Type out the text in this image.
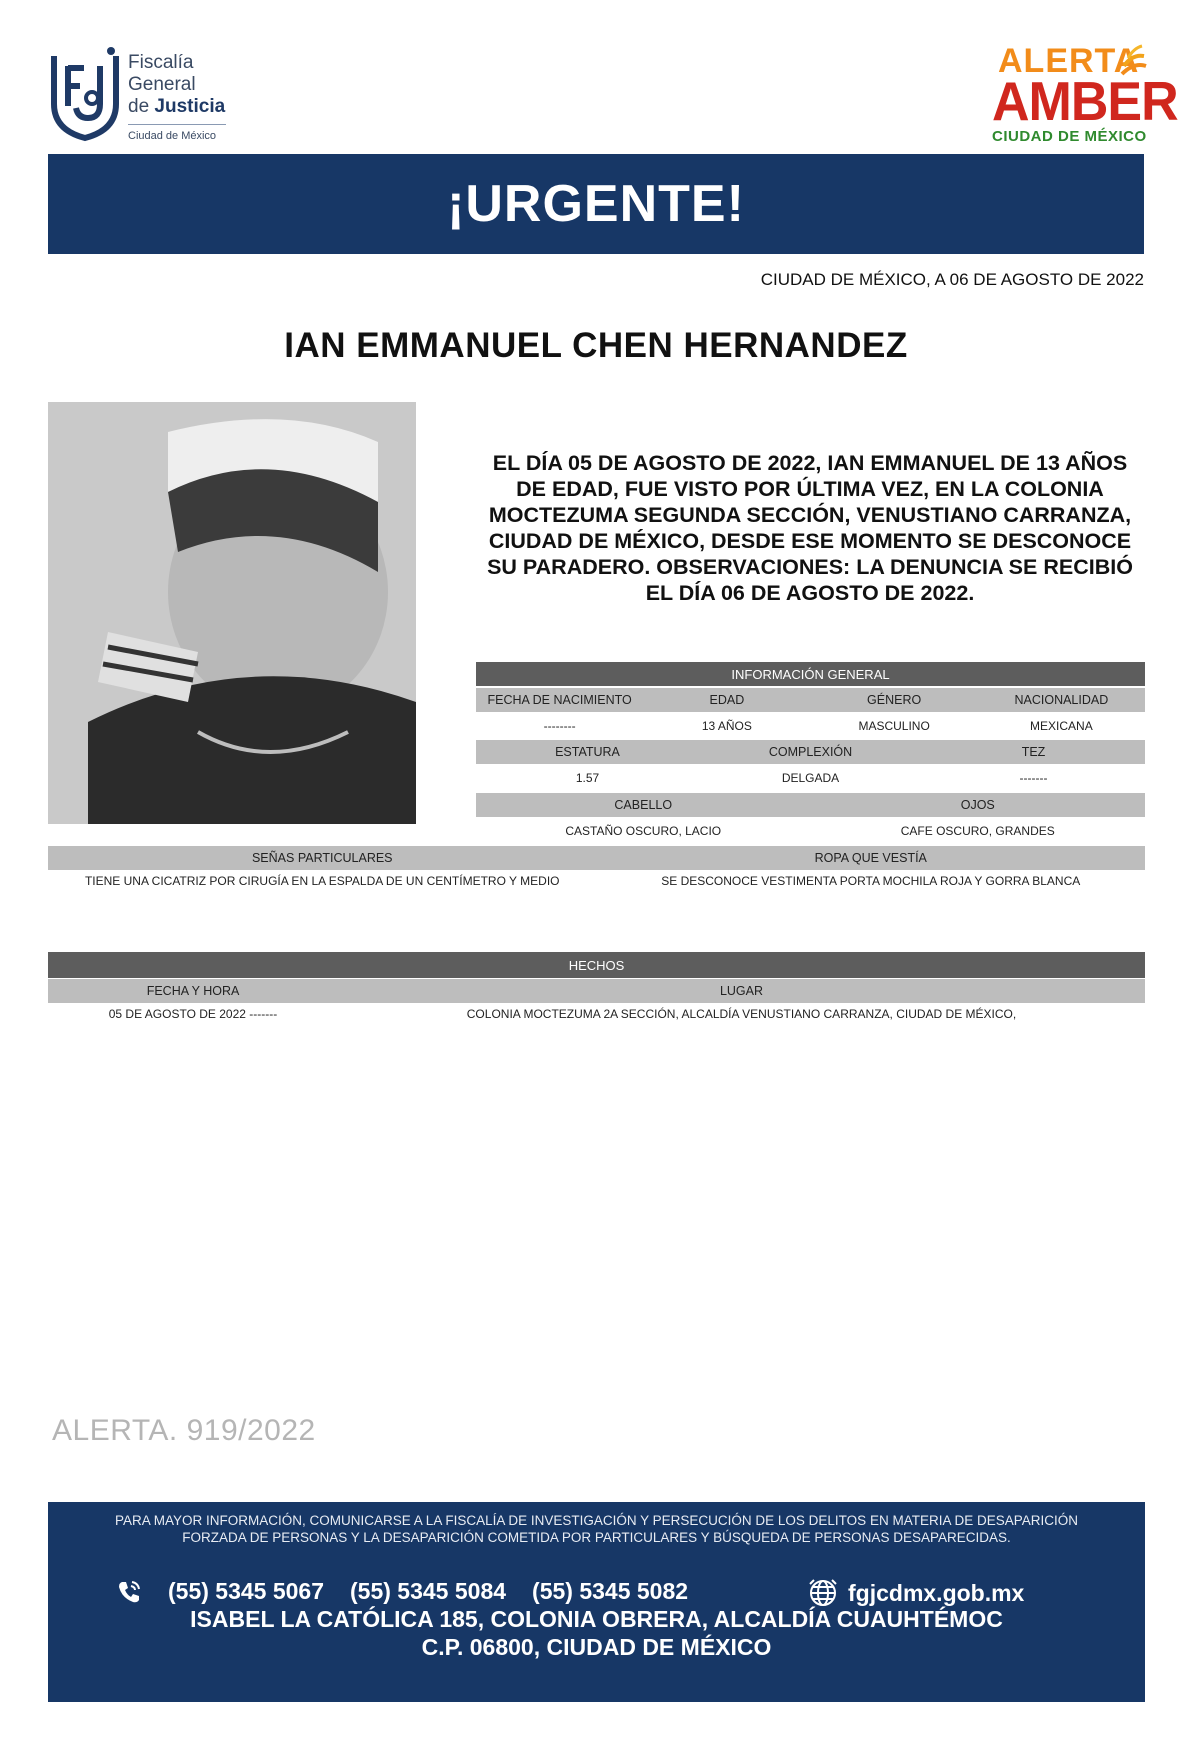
Fiscalía
General
de Justicia
Ciudad de México
ALERTA
AMBER
CIUDAD DE MÉXICO
¡URGENTE!
CIUDAD DE MÉXICO, A 06 DE AGOSTO DE 2022
IAN EMMANUEL CHEN HERNANDEZ
EL DÍA 05 DE AGOSTO DE 2022, IAN EMMANUEL DE 13 AÑOS DE EDAD, FUE VISTO POR ÚLTIMA VEZ, EN LA COLONIA MOCTEZUMA SEGUNDA SECCIÓN, VENUSTIANO CARRANZA, CIUDAD DE MÉXICO, DESDE ESE MOMENTO SE DESCONOCE SU PARADERO. OBSERVACIONES: LA DENUNCIA SE RECIBIÓ EL DÍA 06 DE AGOSTO DE 2022.
INFORMACIÓN GENERAL
FECHA DE NACIMIENTO	EDAD	GÉNERO	NACIONALIDAD
--------	13 AÑOS	MASCULINO	MEXICANA
ESTATURA	COMPLEXIÓN	TEZ
1.57	DELGADA	-------
CABELLO	OJOS
CASTAÑO OSCURO, LACIO	CAFE OSCURO, GRANDES
SEÑAS PARTICULARES	ROPA QUE VESTÍA
TIENE UNA CICATRIZ POR CIRUGÍA EN LA ESPALDA DE UN CENTÍMETRO Y MEDIO	SE DESCONOCE VESTIMENTA PORTA MOCHILA ROJA Y GORRA BLANCA
HECHOS
FECHA Y HORA	LUGAR
05 DE AGOSTO DE 2022 -------	COLONIA MOCTEZUMA 2A SECCIÓN, ALCALDÍA VENUSTIANO CARRANZA, CIUDAD DE MÉXICO,
ALERTA. 919/2022
PARA MAYOR INFORMACIÓN, COMUNICARSE A LA FISCALÍA DE INVESTIGACIÓN Y PERSECUCIÓN DE LOS DELITOS EN MATERIA DE DESAPARICIÓN
FORZADA DE PERSONAS Y LA DESAPARICIÓN COMETIDA POR PARTICULARES Y BÚSQUEDA DE PERSONAS DESAPARECIDAS.
(55) 5345 5067 (55) 5345 5084 (55) 5345 5082	fgjcdmx.gob.mx
ISABEL LA CATÓLICA 185, COLONIA OBRERA, ALCALDÍA CUAUHTÉMOC
C.P. 06800, CIUDAD DE MÉXICO
